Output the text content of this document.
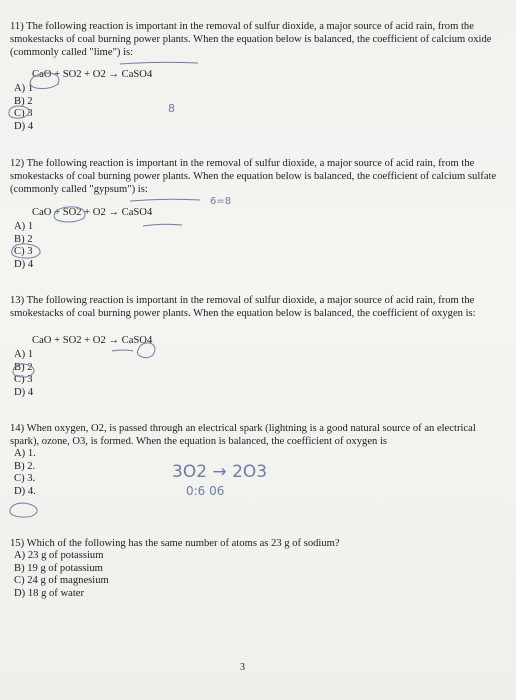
11) The following reaction is important in the removal of sulfur dioxide, a major source of acid rain, from the smokestacks of coal burning power plants. When the equation below is balanced, the coefficient of calcium oxide (commonly called "lime") is:

CaO + SO2 + O2 → CaSO4
A) 1
B) 2
C) 3
D) 4

12) The following reaction is important in the removal of sulfur dioxide, a major source of acid rain, from the smokestacks of coal burning power plants. When the equation below is balanced, the coefficient of calcium sulfate (commonly called "gypsum") is:

CaO + SO2 + O2 → CaSO4
A) 1
B) 2
C) 3
D) 4

13) The following reaction is important in the removal of sulfur dioxide, a major source of acid rain, from the smokestacks of coal burning power plants. When the equation below is balanced, the coefficient of oxygen is:

CaO + SO2 + O2 → CaSO4
A) 1
B) 2
C) 3
D) 4

14) When oxygen, O2, is passed through an electrical spark (lightning is a good natural source of an electrical spark), ozone, O3, is formed. When the equation is balanced, the coefficient of oxygen is

A) 1.
B) 2.
C) 3.
D) 4.

15) Which of the following has the same number of atoms as 23 g of sodium?

A) 23 g of potassium
B) 19 g of potassium
C) 24 g of magnesium
D) 18 g of water
3
8
6=8
3O2 → 2O3
0:6 06
